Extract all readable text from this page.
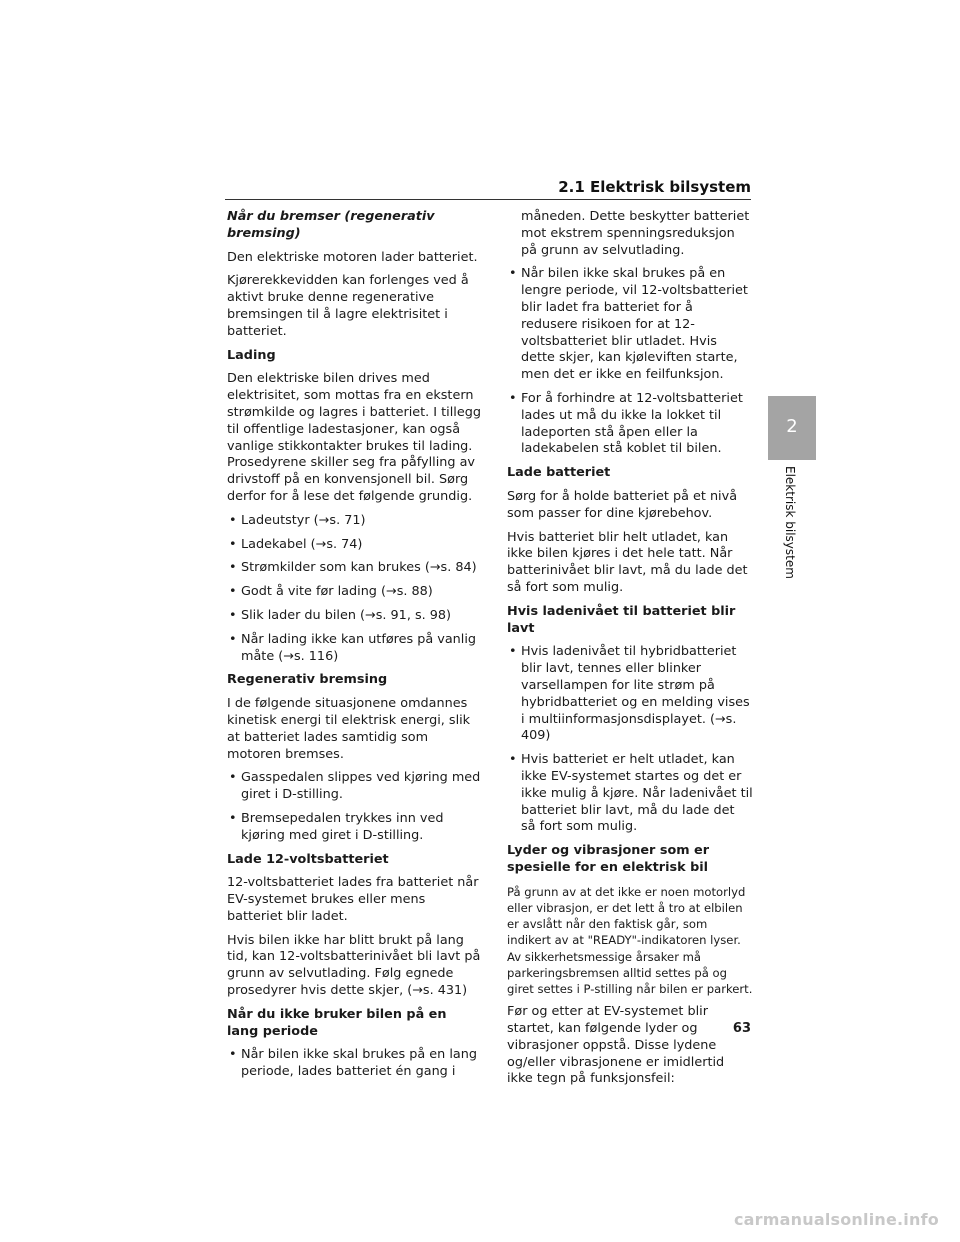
2.1 Elektrisk bilsystem

Når du bremser (regenerativ bremsing)

Den elektriske motoren lader batteriet.

Kjørerekkevidden kan forlenges ved å aktivt bruke denne regenerative bremsingen til å lagre elektrisitet i batteriet.

Lading

Den elektriske bilen drives med elektrisitet, som mottas fra en ekstern strømkilde og lagres i batteriet. I tillegg til offentlige ladestasjoner, kan også vanlige stikkontakter brukes til lading. Prosedyrene skiller seg fra påfylling av drivstoff på en konvensjonell bil. Sørg derfor for å lese det følgende grundig.

• Ladeutstyr (→s. 71)
• Ladekabel (→s. 74)
• Strømkilder som kan brukes (→s. 84)
• Godt å vite før lading (→s. 88)
• Slik lader du bilen (→s. 91, s. 98)
• Når lading ikke kan utføres på vanlig måte (→s. 116)

Regenerativ bremsing

I de følgende situasjonene omdannes kinetisk energi til elektrisk energi, slik at batteriet lades samtidig som motoren bremses.

• Gasspedalen slippes ved kjøring med giret i D-stilling.
• Bremsepedalen trykkes inn ved kjøring med giret i D-stilling.

Lade 12-voltsbatteriet

12-voltsbatteriet lades fra batteriet når EV-systemet brukes eller mens batteriet blir ladet.

Hvis bilen ikke har blitt brukt på lang tid, kan 12-voltsbatterinivået bli lavt på grunn av selvutlading. Følg egnede prosedyrer hvis dette skjer, (→s. 431)

Når du ikke bruker bilen på en lang periode

• Når bilen ikke skal brukes på en lang periode, lades batteriet én gang i

måneden. Dette beskytter batteriet mot ekstrem spenningsreduksjon på grunn av selvutlading.

• Når bilen ikke skal brukes på en lengre periode, vil 12-voltsbatteriet blir ladet fra batteriet for å redusere risikoen for at 12-voltsbatteriet blir utladet. Hvis dette skjer, kan kjøleviften starte, men det er ikke en feilfunksjon.
• For å forhindre at 12-voltsbatteriet lades ut må du ikke la lokket til ladeporten stå åpen eller la ladekabelen stå koblet til bilen.

Lade batteriet

Sørg for å holde batteriet på et nivå som passer for dine kjørebehov.

Hvis batteriet blir helt utladet, kan ikke bilen kjøres i det hele tatt. Når batterinivået blir lavt, må du lade det så fort som mulig.

Hvis ladenivået til batteriet blir lavt

• Hvis ladenivået til hybridbatteriet blir lavt, tennes eller blinker varsellampen for lite strøm på hybridbatteriet og en melding vises i multiinformasjonsdisplayet. (→s. 409)
• Hvis batteriet er helt utladet, kan ikke EV-systemet startes og det er ikke mulig å kjøre. Når ladenivået til batteriet blir lavt, må du lade det så fort som mulig.

Lyder og vibrasjoner som er spesielle for en elektrisk bil

På grunn av at det ikke er noen motorlyd eller vibrasjon, er det lett å tro at elbilen er avslått når den faktisk går, som indikert av at "READY"-indikatoren lyser. Av sikkerhetsmessige årsaker må parkeringsbremsen alltid settes på og giret settes i P-stilling når bilen er parkert.

Før og etter at EV-systemet blir startet, kan følgende lyder og vibrasjoner oppstå. Disse lydene og/eller vibrasjonene er imidlertid ikke tegn på funksjonsfeil:

2
Elektrisk bilsystem
63
carmanualsonline.info
